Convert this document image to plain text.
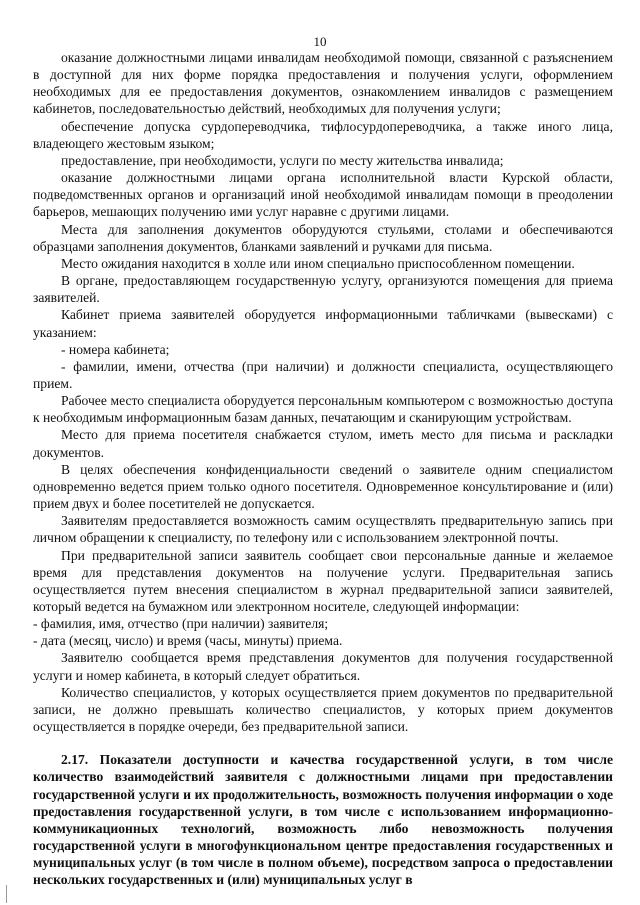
10

оказание должностными лицами инвалидам необходимой помощи, связанной с разъяснением в доступной для них форме порядка предоставления и получения услуги, оформлением необходимых для ее предоставления документов, ознакомлением инвалидов с размещением кабинетов, последовательностью действий, необходимых для получения услуги;

обеспечение допуска сурдопереводчика, тифлосурдопереводчика, а также иного лица, владеющего жестовым языком;

предоставление, при необходимости, услуги по месту жительства инвалида;

оказание должностными лицами органа исполнительной власти Курской области, подведомственных органов и организаций иной необходимой инвалидам помощи в преодолении барьеров, мешающих получению ими услуг наравне с другими лицами.

Места для заполнения документов оборудуются стульями, столами и обеспечиваются образцами заполнения документов, бланками заявлений и ручками для письма.

Место ожидания находится в холле или ином специально приспособленном помещении.

В органе, предоставляющем государственную услугу, организуются помещения для приема заявителей.

Кабинет приема заявителей оборудуется информационными табличками (вывесками) с указанием:

- номера кабинета;

- фамилии, имени, отчества (при наличии) и должности специалиста, осуществляющего прием.

Рабочее место специалиста оборудуется персональным компьютером с возможностью доступа к необходимым информационным базам данных, печатающим и сканирующим устройствам.

Место для приема посетителя снабжается стулом, иметь место для письма и раскладки документов.

В целях обеспечения конфиденциальности сведений о заявителе одним специалистом одновременно ведется прием только одного посетителя. Одновременное консультирование и (или) прием двух и более посетителей не допускается.

Заявителям предоставляется возможность самим осуществлять предварительную запись при личном обращении к специалисту, по телефону или с использованием электронной почты.

При предварительной записи заявитель сообщает свои персональные данные и желаемое время для представления документов на получение услуги. Предварительная запись осуществляется путем внесения специалистом в журнал предварительной записи заявителей, который ведется на бумажном или электронном носителе, следующей информации:

- фамилия, имя, отчество (при наличии) заявителя;

- дата (месяц, число) и время (часы, минуты) приема.

Заявителю сообщается время представления документов для получения государственной услуги и номер кабинета, в который следует обратиться.

Количество специалистов, у которых осуществляется прием документов по предварительной записи, не должно превышать количество специалистов, у которых прием документов осуществляется в порядке очереди, без предварительной записи.

2.17. Показатели доступности и качества государственной услуги, в том числе количество взаимодействий заявителя с должностными лицами при предоставлении государственной услуги и их продолжительность, возможность получения информации о ходе предоставления государственной услуги, в том числе с использованием информационно-коммуникационных технологий, возможность либо невозможность получения государственной услуги в многофункциональном центре предоставления государственных и муниципальных услуг (в том числе в полном объеме), посредством запроса о предоставлении нескольких государственных и (или) муниципальных услуг в
